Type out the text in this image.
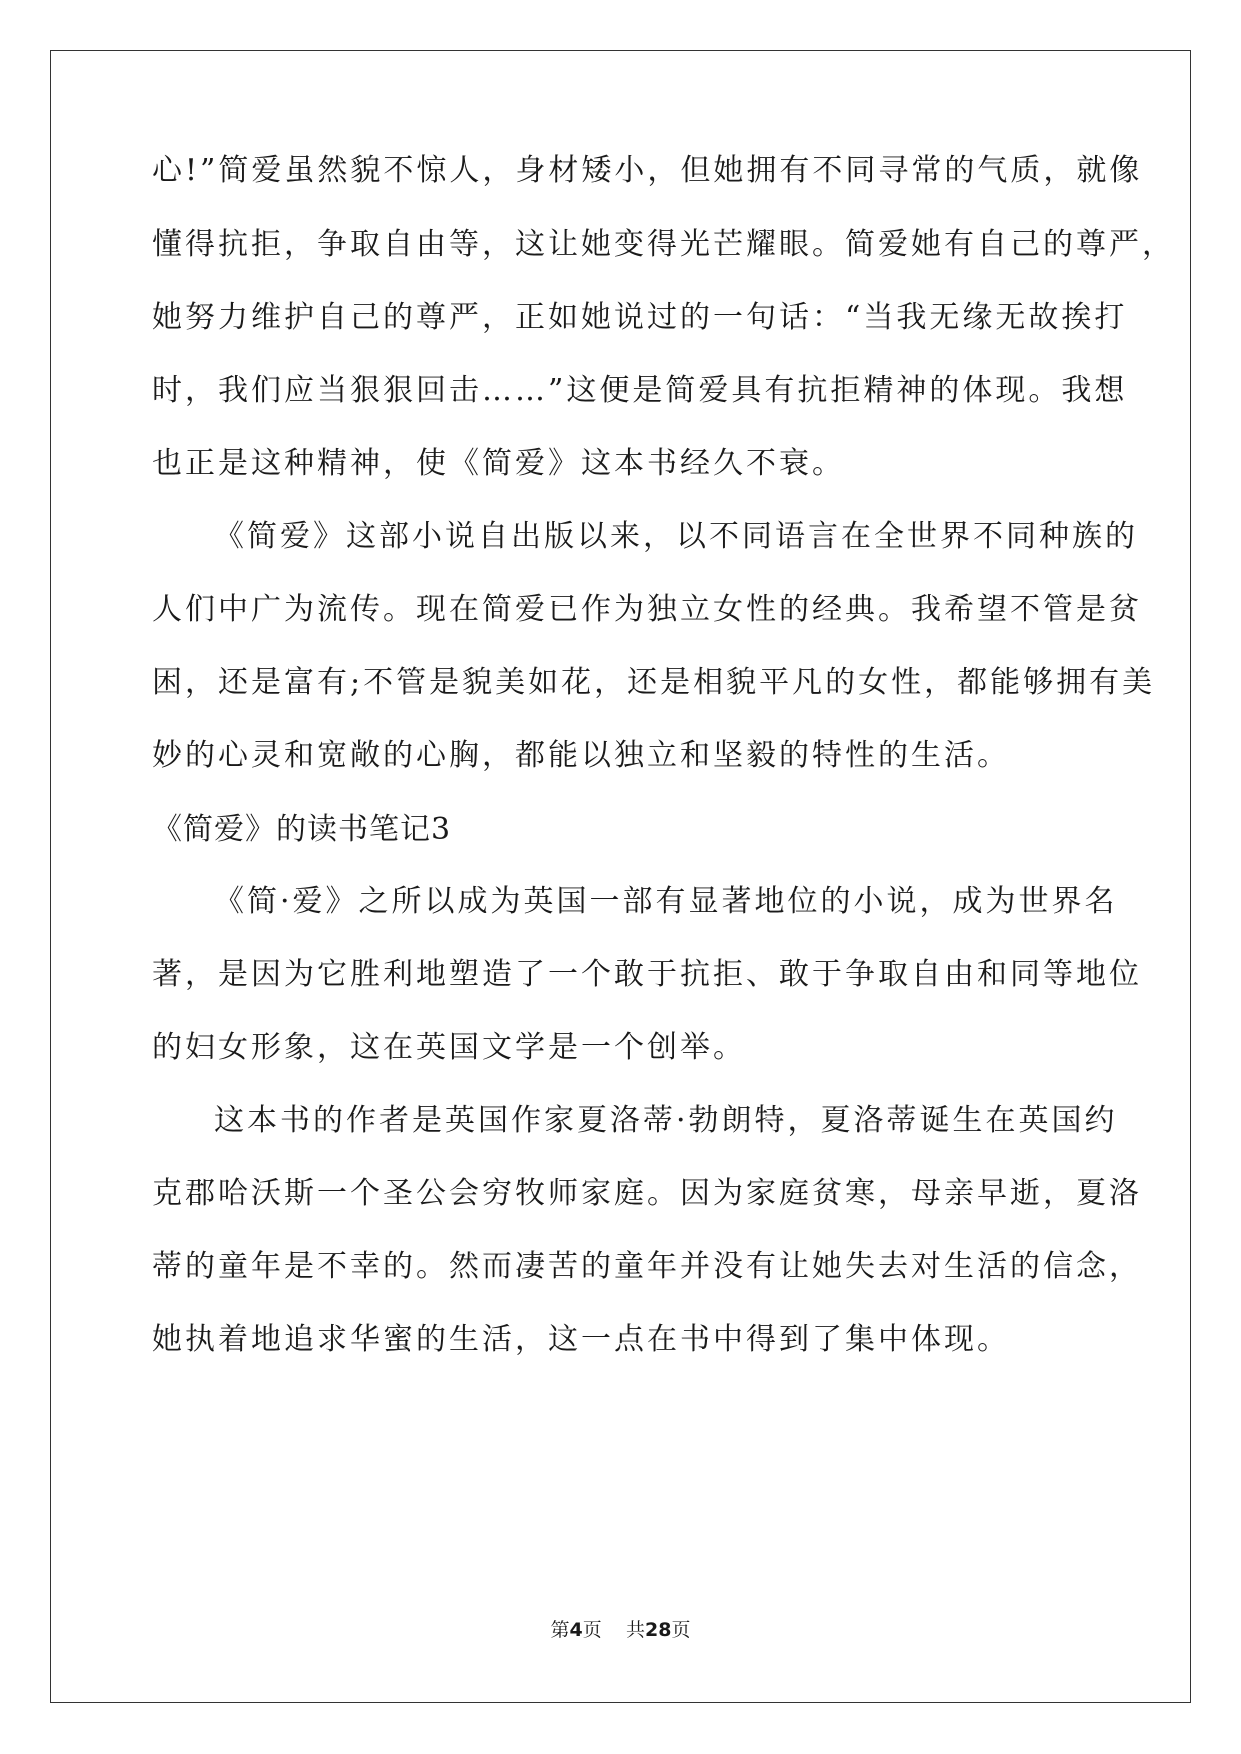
心!”简爱虽然貌不惊人，身材矮小，但她拥有不同寻常的气质，就像
懂得抗拒，争取自由等，这让她变得光芒耀眼。简爱她有自己的尊严，
她努力维护自己的尊严，正如她说过的一句话：“当我无缘无故挨打
时，我们应当狠狠回击……”这便是简爱具有抗拒精神的体现。我想
也正是这种精神，使《简爱》这本书经久不衰。
《简爱》这部小说自出版以来，以不同语言在全世界不同种族的
人们中广为流传。现在简爱已作为独立女性的经典。我希望不管是贫
困，还是富有;不管是貌美如花，还是相貌平凡的女性，都能够拥有美
妙的心灵和宽敞的心胸，都能以独立和坚毅的特性的生活。
《简爱》的读书笔记3
《简·爱》之所以成为英国一部有显著地位的小说，成为世界名
著，是因为它胜利地塑造了一个敢于抗拒、敢于争取自由和同等地位
的妇女形象，这在英国文学是一个创举。
这本书的作者是英国作家夏洛蒂·勃朗特，夏洛蒂诞生在英国约
克郡哈沃斯一个圣公会穷牧师家庭。因为家庭贫寒，母亲早逝，夏洛
蒂的童年是不幸的。然而凄苦的童年并没有让她失去对生活的信念，
她执着地追求华蜜的生活，这一点在书中得到了集中体现。
第4页 共28页
